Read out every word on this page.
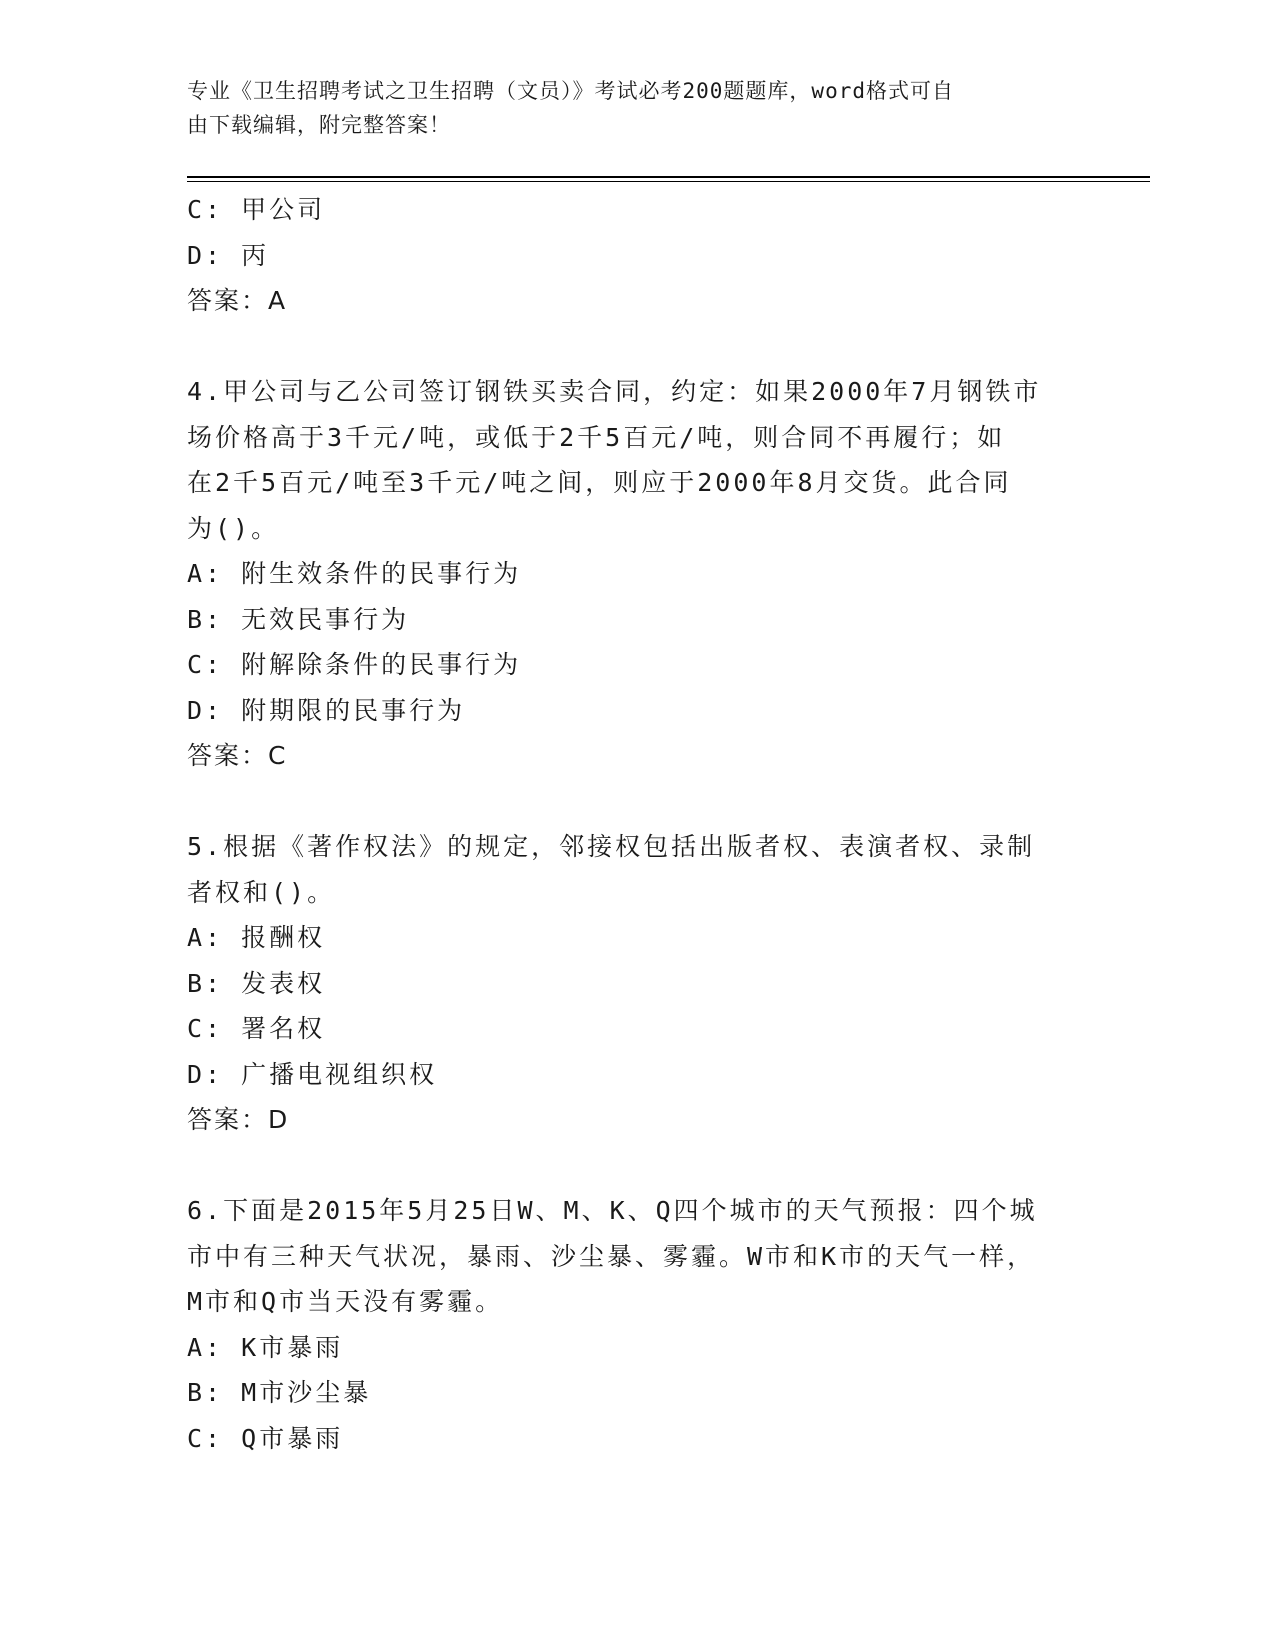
专业《卫生招聘考试之卫生招聘（文员）》考试必考200题题库，word格式可自
由下载编辑，附完整答案！
C: 甲公司
D: 丙
答案：A
4.甲公司与乙公司签订钢铁买卖合同，约定：如果2000年7月钢铁市
场价格高于3千元/吨，或低于2千5百元/吨，则合同不再履行；如
在2千5百元/吨至3千元/吨之间，则应于2000年8月交货。此合同
为()。
A: 附生效条件的民事行为
B: 无效民事行为
C: 附解除条件的民事行为
D: 附期限的民事行为
答案：C
5.根据《著作权法》的规定，邻接权包括出版者权、表演者权、录制
者权和()。
A: 报酬权
B: 发表权
C: 署名权
D: 广播电视组织权
答案：D
6.下面是2015年5月25日W、M、K、Q四个城市的天气预报：四个城
市中有三种天气状况，暴雨、沙尘暴、雾霾。W市和K市的天气一样，
M市和Q市当天没有雾霾。
A: K市暴雨
B: M市沙尘暴
C: Q市暴雨
